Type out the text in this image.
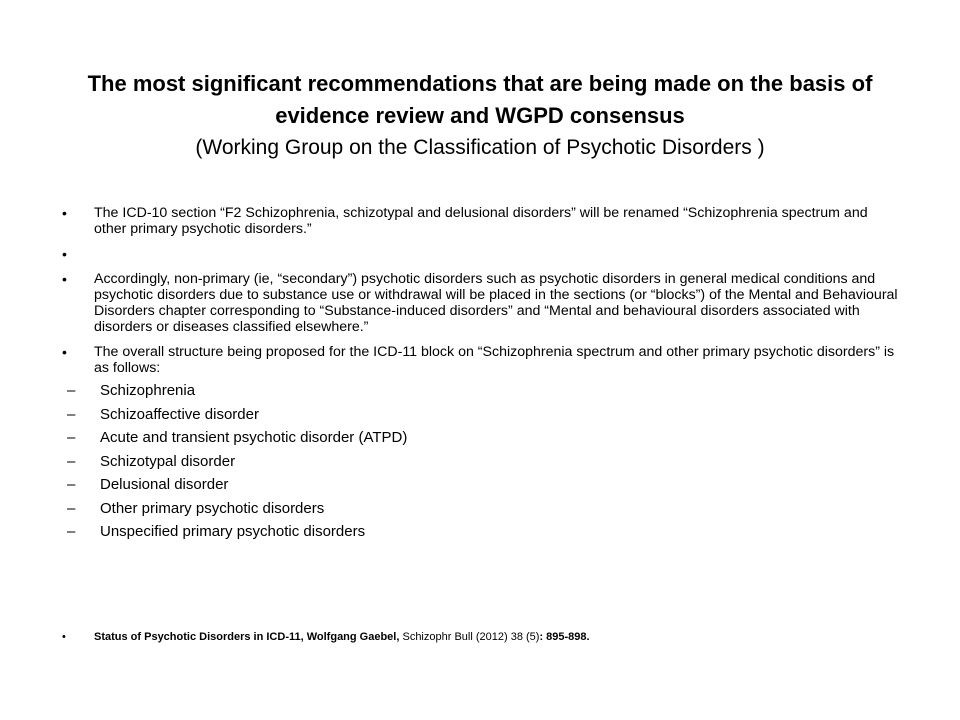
The most significant recommendations that are being made on the basis of
evidence review and WGPD consensus
(Working Group on the Classification of Psychotic Disorders )
• The ICD-10 section “F2 Schizophrenia, schizotypal and delusional disorders” will be renamed “Schizophrenia spectrum and other primary psychotic disorders.”
•
• Accordingly, non-primary (ie, “secondary”) psychotic disorders such as psychotic disorders in general medical conditions and psychotic disorders due to substance use or withdrawal will be placed in the sections (or “blocks”) of the Mental and Behavioural Disorders chapter corresponding to “Substance-induced disorders” and “Mental and behavioural disorders associated with disorders or diseases classified elsewhere.”
• The overall structure being proposed for the ICD-11 block on “Schizophrenia spectrum and other primary psychotic disorders” is as follows:
– Schizophrenia
– Schizoaffective disorder
– Acute and transient psychotic disorder (ATPD)
– Schizotypal disorder
– Delusional disorder
– Other primary psychotic disorders
– Unspecified primary psychotic disorders
•	Status of Psychotic Disorders in ICD-11, Wolfgang Gaebel, Schizophr Bull (2012) 38 (5): 895-898.
